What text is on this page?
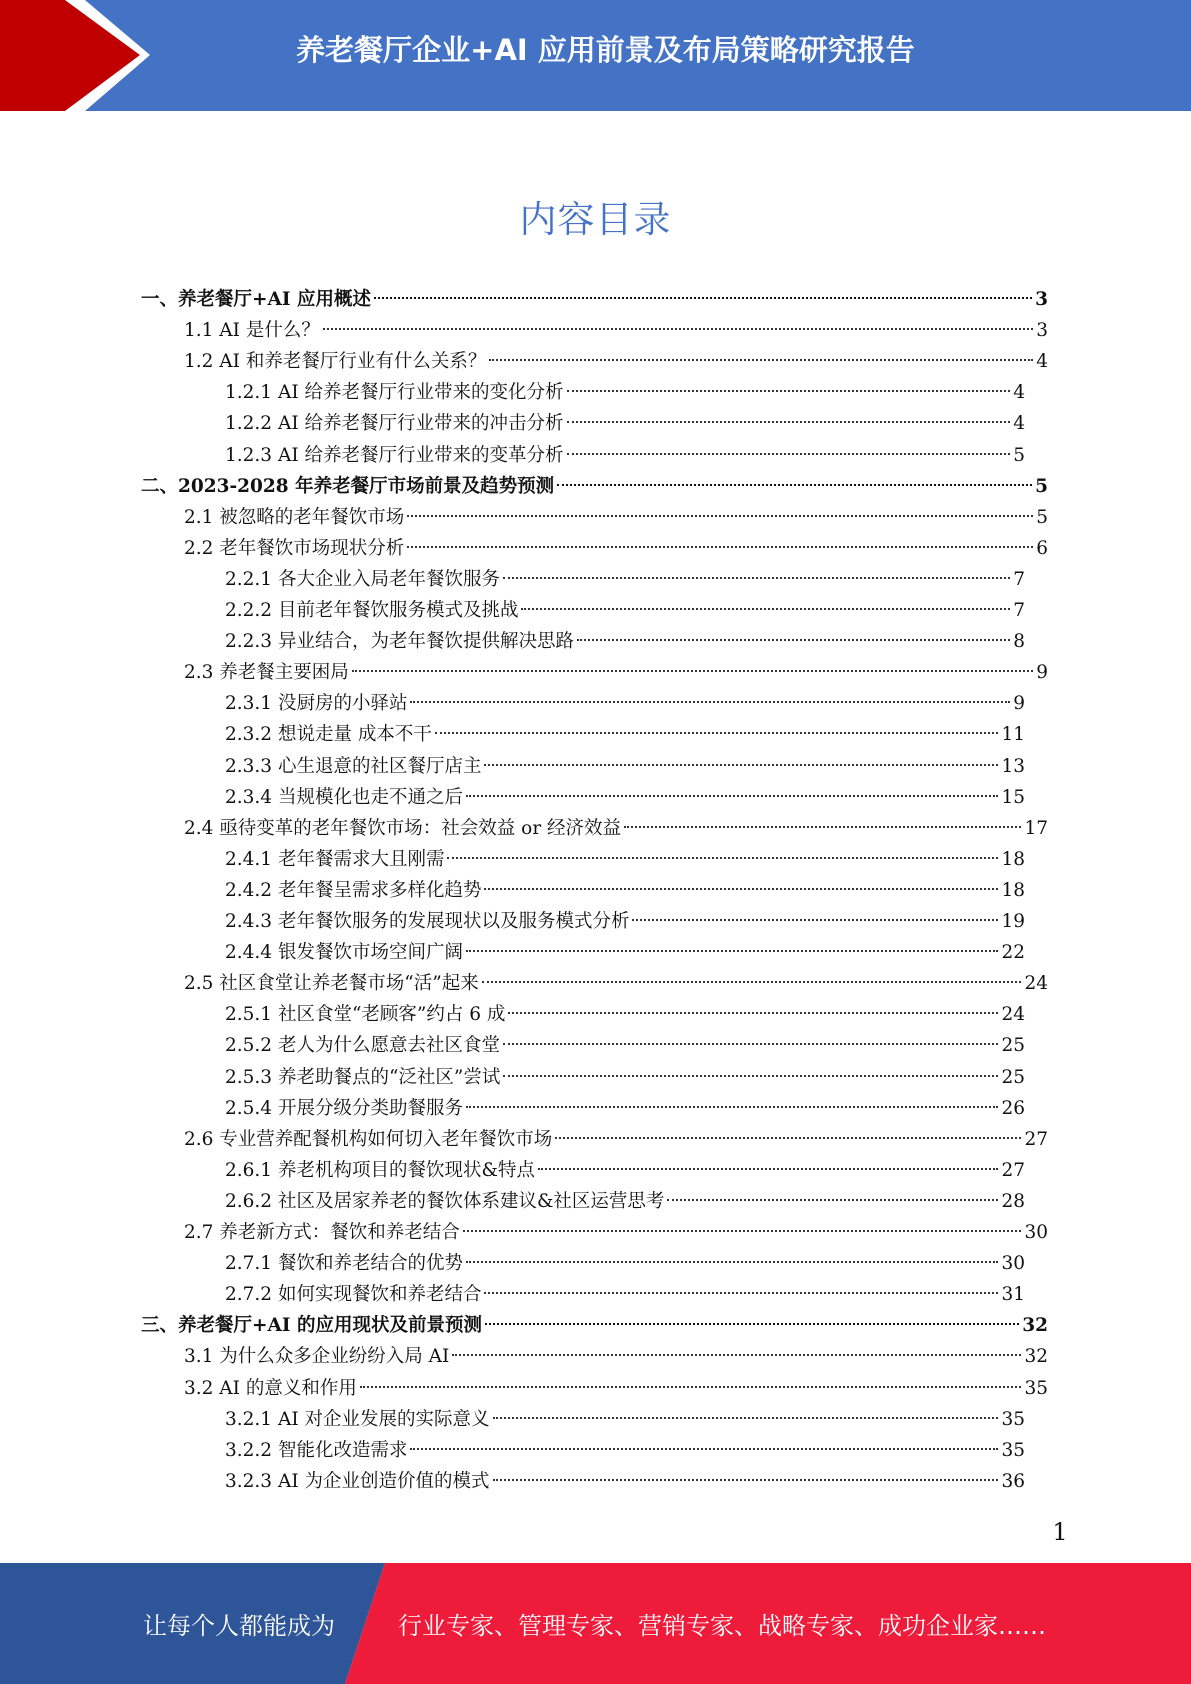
养老餐厅企业+AI 应用前景及布局策略研究报告
内容目录
一、养老餐厅+AI 应用概述	3
1.1 AI 是什么？	3
1.2 AI 和养老餐厅行业有什么关系？	4
1.2.1 AI 给养老餐厅行业带来的变化分析	4
1.2.2 AI 给养老餐厅行业带来的冲击分析	4
1.2.3 AI 给养老餐厅行业带来的变革分析	5
二、2023-2028 年养老餐厅市场前景及趋势预测	5
2.1 被忽略的老年餐饮市场	5
2.2 老年餐饮市场现状分析	6
2.2.1 各大企业入局老年餐饮服务	7
2.2.2 目前老年餐饮服务模式及挑战	7
2.2.3 异业结合，为老年餐饮提供解决思路	8
2.3 养老餐主要困局	9
2.3.1 没厨房的小驿站	9
2.3.2 想说走量 成本不干	11
2.3.3 心生退意的社区餐厅店主	13
2.3.4 当规模化也走不通之后	15
2.4 亟待变革的老年餐饮市场：社会效益 or 经济效益	17
2.4.1 老年餐需求大且刚需	18
2.4.2 老年餐呈需求多样化趋势	18
2.4.3 老年餐饮服务的发展现状以及服务模式分析	19
2.4.4 银发餐饮市场空间广阔	22
2.5 社区食堂让养老餐市场“活”起来	24
2.5.1 社区食堂“老顾客”约占 6 成	24
2.5.2 老人为什么愿意去社区食堂	25
2.5.3 养老助餐点的“泛社区”尝试	25
2.5.4 开展分级分类助餐服务	26
2.6 专业营养配餐机构如何切入老年餐饮市场	27
2.6.1 养老机构项目的餐饮现状&特点	27
2.6.2 社区及居家养老的餐饮体系建议&社区运营思考	28
2.7 养老新方式：餐饮和养老结合	30
2.7.1 餐饮和养老结合的优势	30
2.7.2 如何实现餐饮和养老结合	31
三、养老餐厅+AI 的应用现状及前景预测	32
3.1 为什么众多企业纷纷入局 AI	32
3.2 AI 的意义和作用	35
3.2.1 AI 对企业发展的实际意义	35
3.2.2 智能化改造需求	35
3.2.3 AI 为企业创造价值的模式	36
1
让每个人都能成为	行业专家、管理专家、营销专家、战略专家、成功企业家……
